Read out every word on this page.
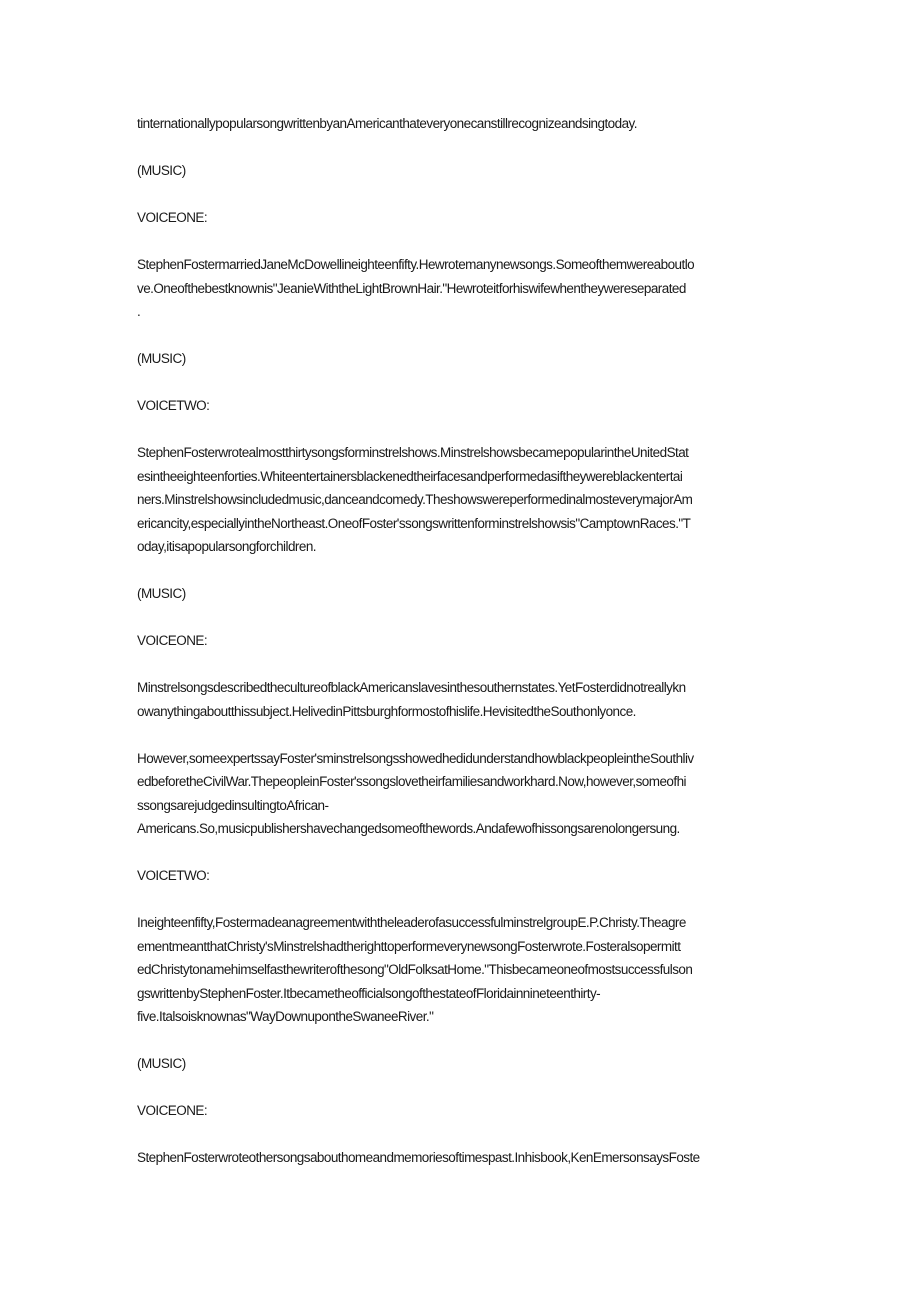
tinternationallypopularsongwrittenbyanAmericanthateveryonecanstillrecognizeandsingtoday.

(MUSIC)

VOICEONE:

StephenFostermarriedJaneMcDowellineighteenfifty.Hewrotemanynewsongs.Someofthemwereaboutlo
ve.Oneofthebestknownis"JeanieWiththeLightBrownHair."Hewroteitforhiswifewhentheywereseparated
.

(MUSIC)

VOICETWO:

StephenFosterwrotealmostthirtysongsforminstrelshows.MinstrelshowsbecamepopularintheUnitedStat
esintheeighteenforties.Whiteentertainersblackenedtheirfacesandperformedasiftheywereblackentertai
ners.Minstrelshowsincludedmusic,danceandcomedy.TheshowswereperformedinalmosteverymajorAm
ericancity,especiallyintheNortheast.OneofFoster'ssongswrittenforminstrelshowsis"CamptownRaces."T
oday,itisapopularsongforchildren.

(MUSIC)

VOICEONE:

MinstrelsongsdescribedthecultureofblackAmericanslavesinthesouthernstates.YetFosterdidnotreallykn
owanythingaboutthissubject.HelivedinPittsburghformostofhislife.HevisitedtheSouthonlyonce.

However,someexpertssayFoster'sminstrelsongsshowedhedidunderstandhowblackpeopleintheSouthliv
edbeforetheCivilWar.ThepeopleinFoster'ssongslovetheirfamiliesandworkhard.Now,however,someofhi
ssongsarejudgedinsultingtoAfrican-
Americans.So,musicpublishershavechangedsomeofthewords.Andafewofhissongsarenolongersung.

VOICETWO:

Ineighteenfifty,FostermadeanagreementwiththeleaderofasuccessfulminstrelgroupE.P.Christy.Theagre
ementmeantthatChristy'sMinstrelshadtherighttoperformeverynewsongFosterwrote.Fosteralsopermitt
edChristytonamehimselfasthewriterofthesong"OldFolksatHome."Thisbecameoneofmostsuccessfulson
gswrittenbyStephenFoster.ItbecametheofficialsongofthestateofFloridainnineteenthirty-
five.Italsoisknownas"WayDownupontheSwaneeRiver."

(MUSIC)

VOICEONE:

StephenFosterwroteothersongsabouthomeandmemoriesoftimespast.Inhisbook,KenEmersonsaysFoste
